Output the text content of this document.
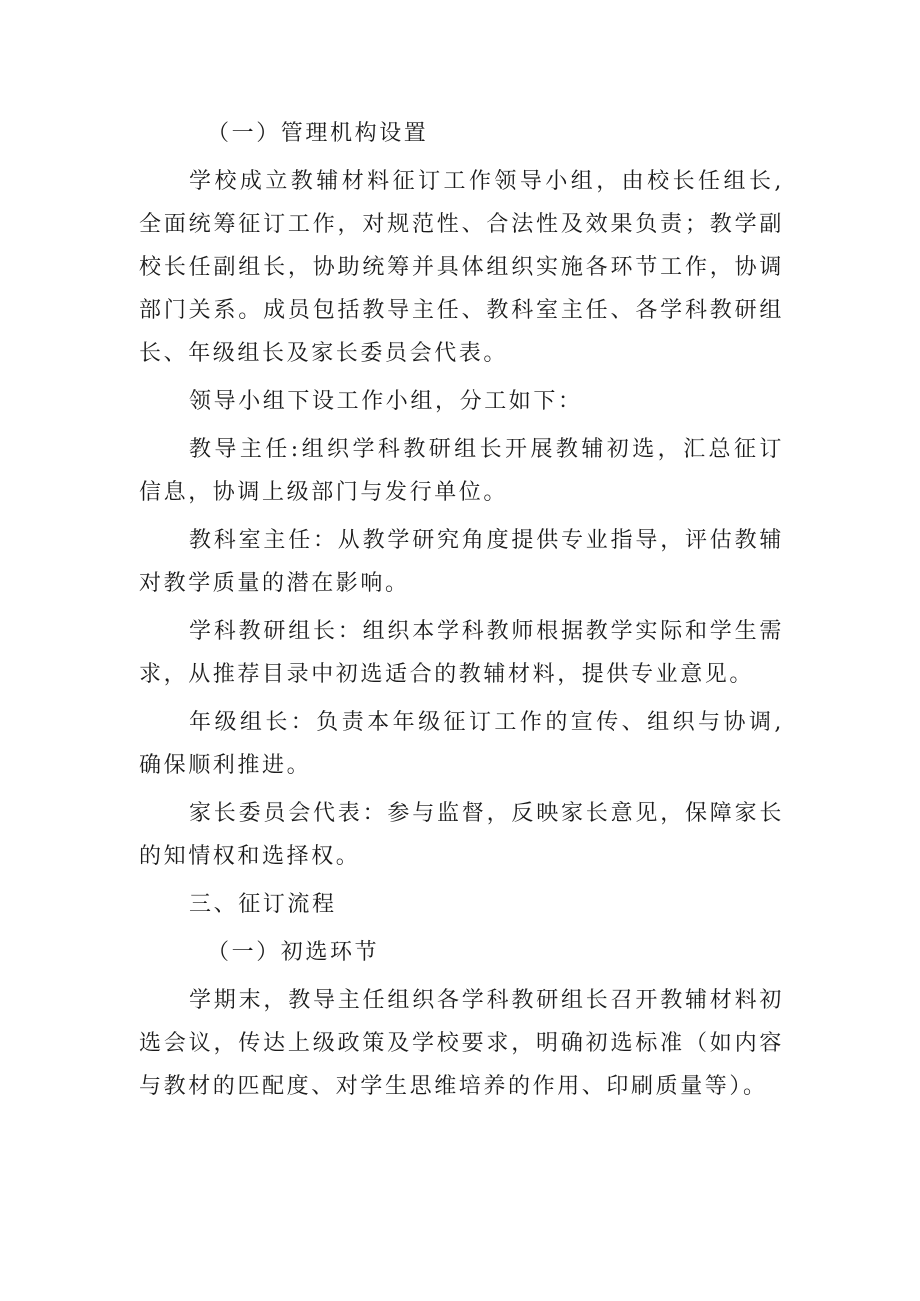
（一）管理机构设置

学校成立教辅材料征订工作领导小组，由校长任组长,全面统筹征订工作，对规范性、合法性及效果负责；教学副校长任副组长，协助统筹并具体组织实施各环节工作，协调部门关系。成员包括教导主任、教科室主任、各学科教研组长、年级组长及家长委员会代表。

领导小组下设工作小组，分工如下：

教导主任:组织学科教研组长开展教辅初选，汇总征订信息，协调上级部门与发行单位。

教科室主任：从教学研究角度提供专业指导，评估教辅对教学质量的潜在影响。

学科教研组长：组织本学科教师根据教学实际和学生需求，从推荐目录中初选适合的教辅材料，提供专业意见。

年级组长：负责本年级征订工作的宣传、组织与协调,确保顺利推进。

家长委员会代表：参与监督，反映家长意见，保障家长的知情权和选择权。

三、征订流程

（一）初选环节

学期末，教导主任组织各学科教研组长召开教辅材料初选会议，传达上级政策及学校要求，明确初选标准（如内容与教材的匹配度、对学生思维培养的作用、印刷质量等）。
